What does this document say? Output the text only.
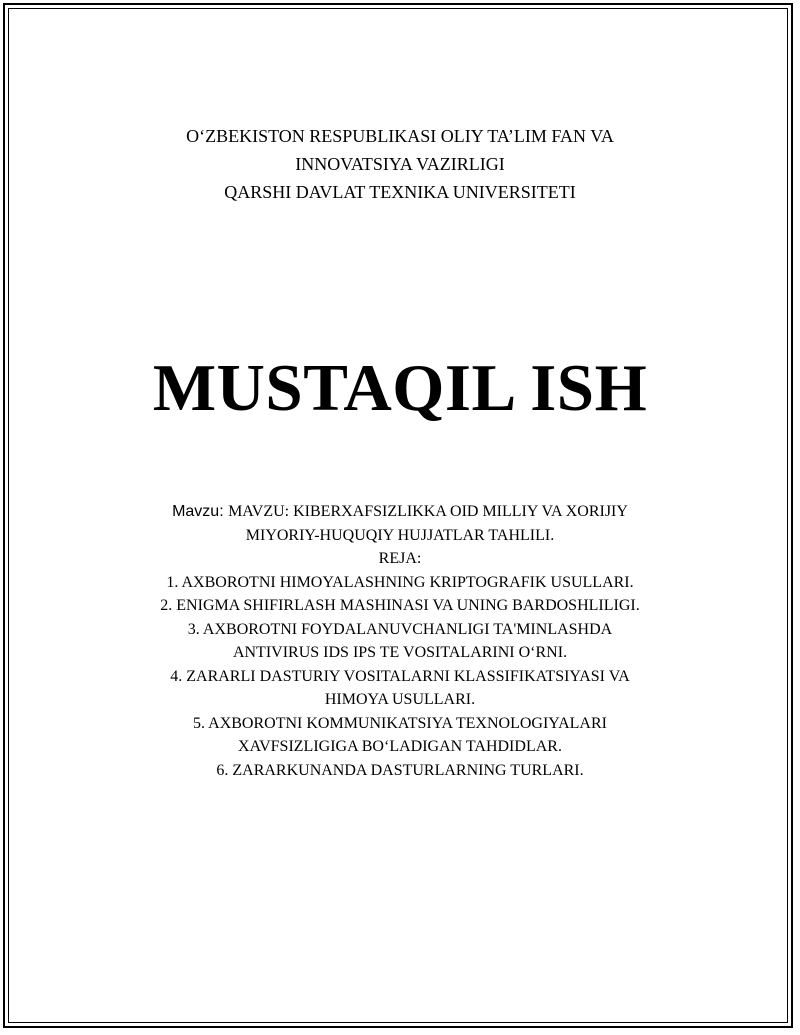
O‘ZBEKISTON RESPUBLIKASI OLIY TA’LIM FAN VA
INNOVATSIYA VAZIRLIGI
QARSHI DAVLAT TEXNIKA UNIVERSITETI
MUSTAQIL ISH
Mavzu: MAVZU: KIBERXAFSIZLIKKA OID MILLIY VA XORIJIY
MIYORIY-HUQUQIY HUJJATLAR TAHLILI.
REJA:
1. AXBOROTNI HIMOYALASHNING KRIPTOGRAFIK USULLARI.
2. ENIGMA SHIFIRLASH MASHINASI VA UNING BARDOSHLILIGI.
3. AXBOROTNI FOYDALANUVCHANLIGI TA'MINLASHDA
ANTIVIRUS IDS IPS TE VOSITALARINI O‘RNI.
4. ZARARLI DASTURIY VOSITALARNI KLASSIFIKATSIYASI VA
HIMOYA USULLARI.
5. AXBOROTNI KOMMUNIKATSIYA TEXNOLOGIYALARI
XAVFSIZLIGIGA BO‘LADIGAN TAHDIDLAR.
6. ZARARKUNANDA DASTURLARNING TURLARI.
